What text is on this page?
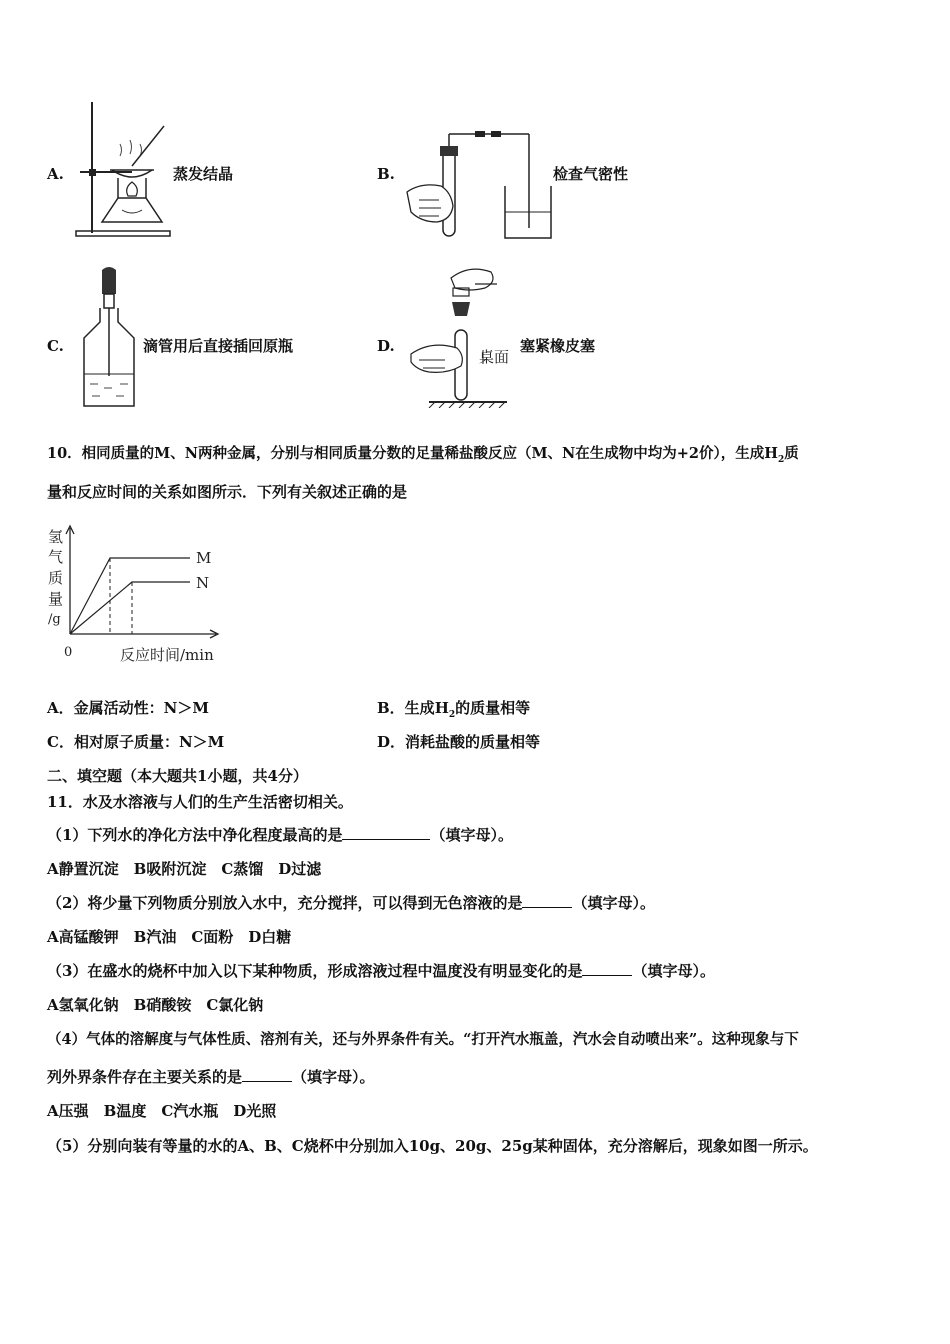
A.	蒸发结晶	B.	检查气密性
C.	滴管用后直接插回原瓶	D.
桌面
塞紧橡皮塞
10．相同质量的M、N两种金属，分别与相同质量分数的足量稀盐酸反应（M、N在生成物中均为+2价），生成$H_2$质
量和反应时间的关系如图所示．下列有关叙述正确的是
氢
气
质
量
/g
M
N
0	反应时间/min
A．金属活动性：N＞M	B．生成$H_2$的质量相等
C．相对原子质量：N＞M	D．消耗盐酸的质量相等
二、填空题（本大题共1小题，共4分）
11．水及水溶液与人们的生产生活密切相关。
（1）下列水的净化方法中净化程度最高的是	（填字母）。
A静置沉淀　B吸附沉淀　C蒸馏　D过滤
（2）将少量下列物质分别放入水中，充分搅拌，可以得到无色溶液的是	（填字母）。
A高锰酸钾　B汽油　C面粉　D白糖
（3）在盛水的烧杯中加入以下某种物质，形成溶液过程中温度没有明显变化的是	（填字母）。
A氢氧化钠　B硝酸铵　C氯化钠
（4）气体的溶解度与气体性质、溶剂有关，还与外界条件有关。“打开汽水瓶盖，汽水会自动喷出来”。这种现象与下
列外界条件存在主要关系的是	（填字母）。
A压强　B温度　C汽水瓶　D光照
（5）分别向装有等量的水的A、B、C烧杯中分别加入10g、20g、25g某种固体，充分溶解后，现象如图一所示。
